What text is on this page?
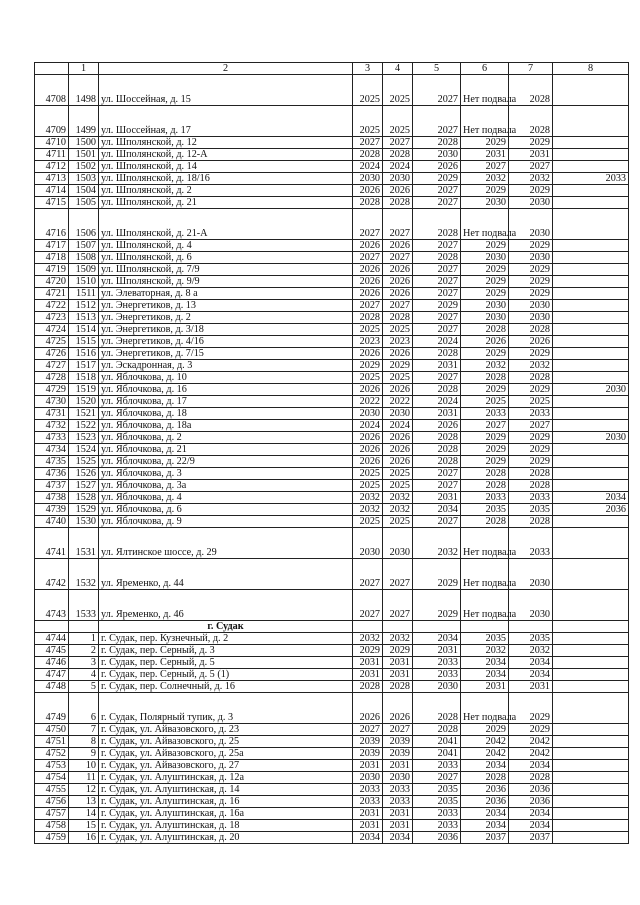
	1	2	3	4	5	6	7	8
4708	1498	ул. Шоссейная, д. 15	2025	2025	2027	Нет подвала	2028	
4709	1499	ул. Шоссейная, д. 17	2025	2025	2027	Нет подвала	2028	
4710	1500	ул. Шполянской, д. 12	2027	2027	2028	2029	2029	
4711	1501	ул. Шполянской, д. 12-А	2028	2028	2030	2031	2031	
4712	1502	ул. Шполянской, д. 14	2024	2024	2026	2027	2027	
4713	1503	ул. Шполянской, д. 18/16	2030	2030	2029	2032	2032	2033
4714	1504	ул. Шполянской, д. 2	2026	2026	2027	2029	2029	
4715	1505	ул. Шполянской, д. 21	2028	2028	2027	2030	2030	
4716	1506	ул. Шполянской, д. 21-А	2027	2027	2028	Нет подвала	2030	
4717	1507	ул. Шполянской, д. 4	2026	2026	2027	2029	2029	
4718	1508	ул. Шполянской, д. 6	2027	2027	2028	2030	2030	
4719	1509	ул. Шполянской, д. 7/9	2026	2026	2027	2029	2029	
4720	1510	ул. Шполянской, д. 9/9	2026	2026	2027	2029	2029	
4721	1511	ул. Элеваторная, д. 8 а	2026	2026	2027	2029	2029	
4722	1512	ул. Энергетиков, д. 13	2027	2027	2029	2030	2030	
4723	1513	ул. Энергетиков, д. 2	2028	2028	2027	2030	2030	
4724	1514	ул. Энергетиков, д. 3/18	2025	2025	2027	2028	2028	
4725	1515	ул. Энергетиков, д. 4/16	2023	2023	2024	2026	2026	
4726	1516	ул. Энергетиков, д. 7/15	2026	2026	2028	2029	2029	
4727	1517	ул. Эскадронная, д. 3	2029	2029	2031	2032	2032	
4728	1518	ул. Яблочкова, д. 10	2025	2025	2027	2028	2028	
4729	1519	ул. Яблочкова, д. 16	2026	2026	2028	2029	2029	2030
4730	1520	ул. Яблочкова, д. 17	2022	2022	2024	2025	2025	
4731	1521	ул. Яблочкова, д. 18	2030	2030	2031	2033	2033	
4732	1522	ул. Яблочкова, д. 18а	2024	2024	2026	2027	2027	
4733	1523	ул. Яблочкова, д. 2	2026	2026	2028	2029	2029	2030
4734	1524	ул. Яблочкова, д. 21	2026	2026	2028	2029	2029	
4735	1525	ул. Яблочкова, д. 22/9	2026	2026	2028	2029	2029	
4736	1526	ул. Яблочкова, д. 3	2025	2025	2027	2028	2028	
4737	1527	ул. Яблочкова, д. 3а	2025	2025	2027	2028	2028	
4738	1528	ул. Яблочкова, д. 4	2032	2032	2031	2033	2033	2034
4739	1529	ул. Яблочкова, д. 6	2032	2032	2034	2035	2035	2036
4740	1530	ул. Яблочкова, д. 9	2025	2025	2027	2028	2028	
4741	1531	ул. Ялтинское шоссе, д. 29	2030	2030	2032	Нет подвала	2033	
4742	1532	ул. Яременко, д. 44	2027	2027	2029	Нет подвала	2030	
4743	1533	ул. Яременко, д. 46	2027	2027	2029	Нет подвала	2030	
		г. Судак						
4744	1	г. Судак, пер. Кузнечный, д. 2	2032	2032	2034	2035	2035	
4745	2	г. Судак, пер. Серный, д. 3	2029	2029	2031	2032	2032	
4746	3	г. Судак, пер. Серный, д. 5	2031	2031	2033	2034	2034	
4747	4	г. Судак, пер. Серный, д. 5 (1)	2031	2031	2033	2034	2034	
4748	5	г. Судак, пер. Солнечный, д. 16	2028	2028	2030	2031	2031	
4749	6	г. Судак, Полярный тупик, д. 3	2026	2026	2028	Нет подвала	2029	
4750	7	г. Судак, ул. Айвазовского, д. 23	2027	2027	2028	2029	2029	
4751	8	г. Судак, ул. Айвазовского, д. 25	2039	2039	2041	2042	2042	
4752	9	г. Судак, ул. Айвазовского, д. 25а	2039	2039	2041	2042	2042	
4753	10	г. Судак, ул. Айвазовского, д. 27	2031	2031	2033	2034	2034	
4754	11	г. Судак, ул. Алуштинская, д. 12а	2030	2030	2027	2028	2028	
4755	12	г. Судак, ул. Алуштинская, д. 14	2033	2033	2035	2036	2036	
4756	13	г. Судак, ул. Алуштинская, д. 16	2033	2033	2035	2036	2036	
4757	14	г. Судак, ул. Алуштинская, д. 16а	2031	2031	2033	2034	2034	
4758	15	г. Судак, ул. Алуштинская, д. 18	2031	2031	2033	2034	2034	
4759	16	г. Судак, ул. Алуштинская, д. 20	2034	2034	2036	2037	2037	
